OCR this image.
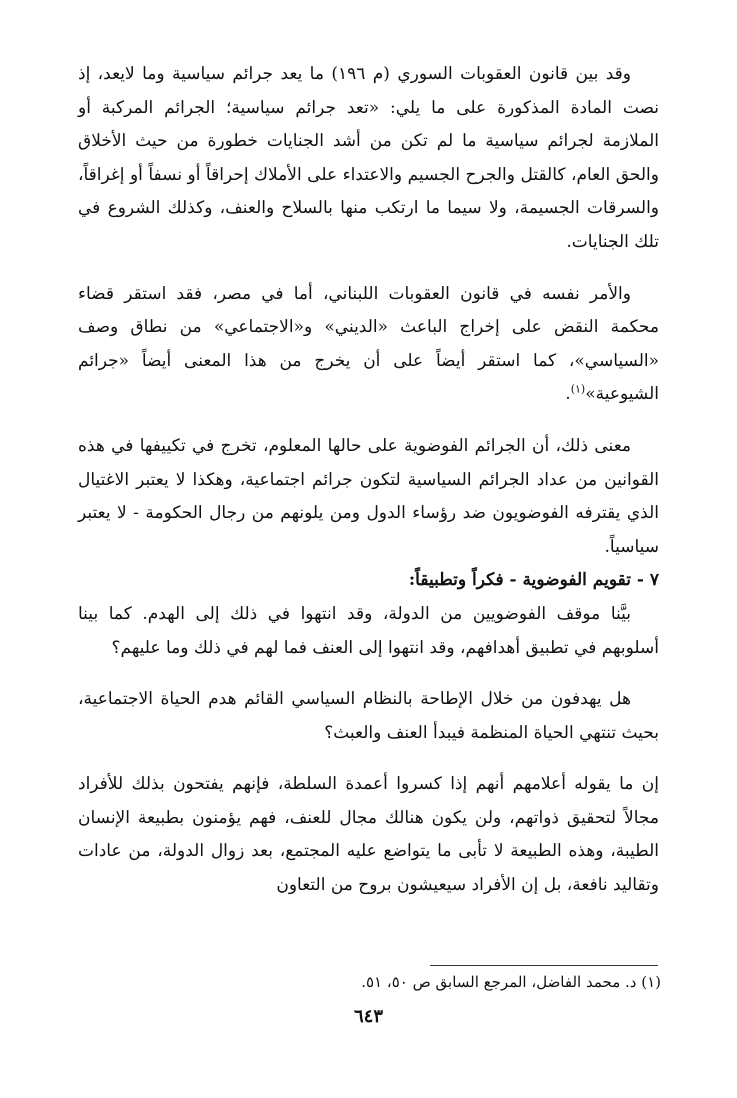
وقد بين قانون العقوبات السوري (م ١٩٦) ما يعد جرائم سياسية وما لايعد، إذ نصت المادة المذكورة على ما يلي: «تعد جرائم سياسية؛ الجرائم المركبة أو الملازمة لجرائم سياسية ما لم تكن من أشد الجنايات خطورة من حيث الأخلاق والحق العام، كالقتل والجرح الجسيم والاعتداء على الأملاك إحراقاً أو نسفاً أو إغراقاً، والسرقات الجسيمة، ولا سيما ما ارتكب منها بالسلاح والعنف، وكذلك الشروع في تلك الجنايات.

والأمر نفسه في قانون العقوبات اللبناني، أما في مصر، فقد استقر قضاء محكمة النقض على إخراج الباعث «الديني» و«الاجتماعي» من نطاق وصف «السياسي»، كما استقر أيضاً على أن يخرج من هذا المعنى أيضاً «جرائم الشيوعية»$^{(١)}$.

معنى ذلك، أن الجرائم الفوضوية على حالها المعلوم، تخرج في تكييفها في هذه القوانين من عداد الجرائم السياسية لتكون جرائم اجتماعية، وهكذا لا يعتبر الاغتيال الذي يقترفه الفوضويون ضد رؤساء الدول ومن يلونهم من رجال الحكومة - لا يعتبر سياسياً.

٧ - تقويم الفوضوية - فكراً وتطبيقاً:

بيَّنا موقف الفوضويين من الدولة، وقد انتهوا في ذلك إلى الهدم. كما بينا أسلوبهم في تطبيق أهدافهم، وقد انتهوا إلى العنف فما لهم في ذلك وما عليهم؟

هل يهدفون من خلال الإطاحة بالنظام السياسي القائم هدم الحياة الاجتماعية، بحيث تنتهي الحياة المنظمة فيبدأ العنف والعبث؟

إن ما يقوله أعلامهم أنهم إذا كسروا أعمدة السلطة، فإنهم يفتحون بذلك للأفراد مجالاً لتحقيق ذواتهم، ولن يكون هنالك مجال للعنف، فهم يؤمنون بطبيعة الإنسان الطيبة، وهذه الطبيعة لا تأبى ما يتواضع عليه المجتمع، بعد زوال الدولة، من عادات وتقاليد نافعة، بل إن الأفراد سيعيشون بروح من التعاون

(١) د. محمد الفاضل، المرجع السابق ص ٥٠، ٥١.
٦٤٣
